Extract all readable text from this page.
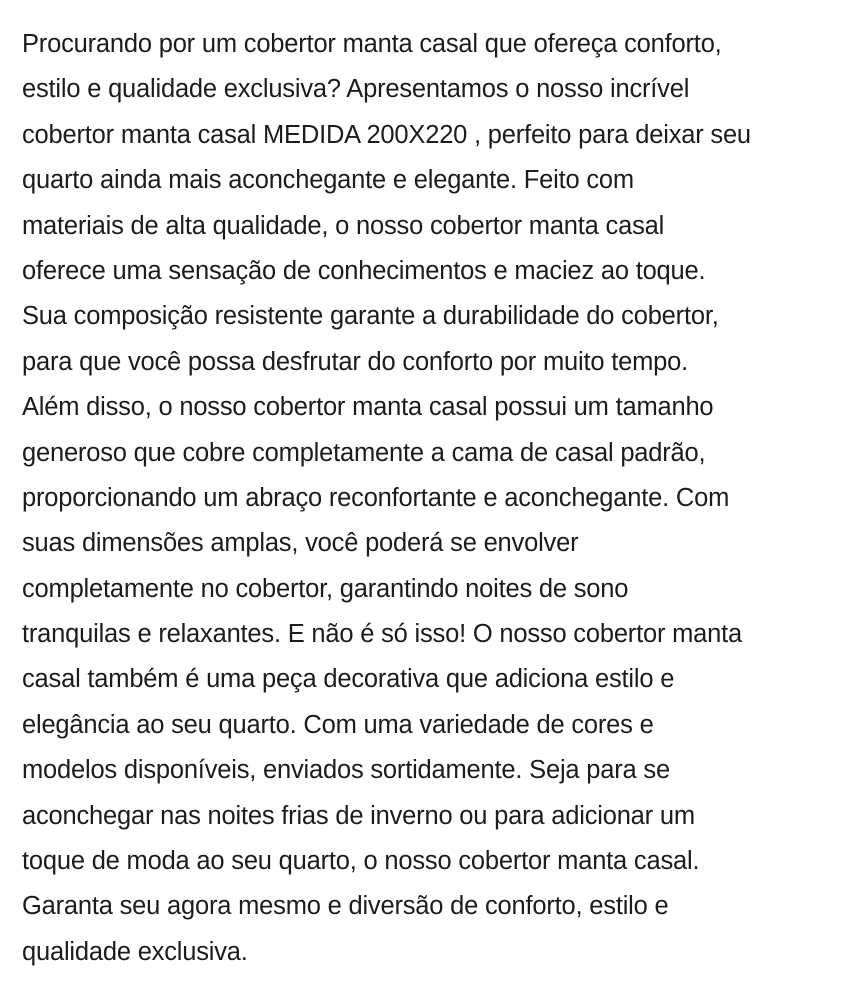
Procurando por um cobertor manta casal que ofereça conforto,
estilo e qualidade exclusiva? Apresentamos o nosso incrível
cobertor manta casal MEDIDA 200X220 , perfeito para deixar seu
quarto ainda mais aconchegante e elegante. Feito com
materiais de alta qualidade, o nosso cobertor manta casal
oferece uma sensação de conhecimentos e maciez ao toque.
Sua composição resistente garante a durabilidade do cobertor,
para que você possa desfrutar do conforto por muito tempo.
Além disso, o nosso cobertor manta casal possui um tamanho
generoso que cobre completamente a cama de casal padrão,
proporcionando um abraço reconfortante e aconchegante. Com
suas dimensões amplas, você poderá se envolver
completamente no cobertor, garantindo noites de sono
tranquilas e relaxantes. E não é só isso! O nosso cobertor manta
casal também é uma peça decorativa que adiciona estilo e
elegância ao seu quarto. Com uma variedade de cores e
modelos disponíveis, enviados sortidamente. Seja para se
aconchegar nas noites frias de inverno ou para adicionar um
toque de moda ao seu quarto, o nosso cobertor manta casal.
Garanta seu agora mesmo e diversão de conforto, estilo e
qualidade exclusiva.
